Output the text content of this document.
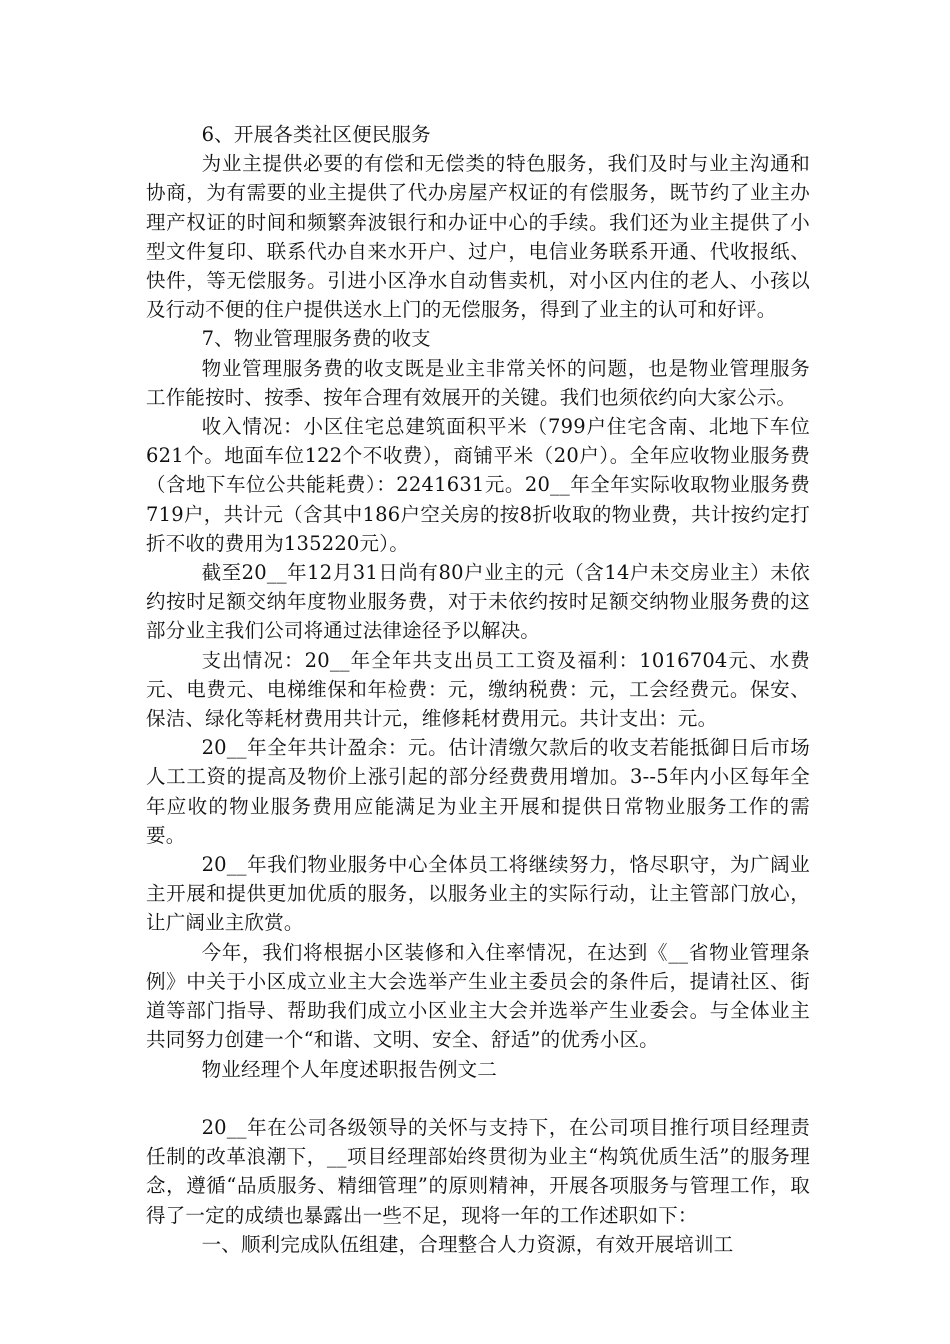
6、开展各类社区便民服务

为业主提供必要的有偿和无偿类的特色服务，我们及时与业主沟通和协商，为有需要的业主提供了代办房屋产权证的有偿服务，既节约了业主办理产权证的时间和频繁奔波银行和办证中心的手续。我们还为业主提供了小型文件复印、联系代办自来水开户、过户，电信业务联系开通、代收报纸、快件，等无偿服务。引进小区净水自动售卖机，对小区内住的老人、小孩以及行动不便的住户提供送水上门的无偿服务，得到了业主的认可和好评。

7、物业管理服务费的收支

物业管理服务费的收支既是业主非常关怀的问题，也是物业管理服务工作能按时、按季、按年合理有效展开的关键。我们也须依约向大家公示。

收入情况：小区住宅总建筑面积平米（799户住宅含南、北地下车位621个。地面车位122个不收费），商铺平米（20户）。全年应收物业服务费（含地下车位公共能耗费）：2241631元。20__年全年实际收取物业服务费719户，共计元（含其中186户空关房的按8折收取的物业费，共计按约定打折不收的费用为135220元）。

截至20__年12月31日尚有80户业主的元（含14户未交房业主）未依约按时足额交纳年度物业服务费，对于未依约按时足额交纳物业服务费的这部分业主我们公司将通过法律途径予以解决。

支出情况：20__年全年共支出员工工资及福利：1016704元、水费元、电费元、电梯维保和年检费：元，缴纳税费：元，工会经费元。保安、保洁、绿化等耗材费用共计元，维修耗材费用元。共计支出：元。

20__年全年共计盈余：元。估计清缴欠款后的收支若能抵御日后市场人工工资的提高及物价上涨引起的部分经费费用增加。3--5年内小区每年全年应收的物业服务费用应能满足为业主开展和提供日常物业服务工作的需要。

20__年我们物业服务中心全体员工将继续努力，恪尽职守，为广阔业主开展和提供更加优质的服务，以服务业主的实际行动，让主管部门放心，让广阔业主欣赏。

今年，我们将根据小区装修和入住率情况，在达到《__省物业管理条例》中关于小区成立业主大会选举产生业主委员会的条件后，提请社区、街道等部门指导、帮助我们成立小区业主大会并选举产生业委会。与全体业主共同努力创建一个“和谐、文明、安全、舒适”的优秀小区。

物业经理个人年度述职报告例文二

20__年在公司各级领导的关怀与支持下，在公司项目推行项目经理责任制的改革浪潮下，__项目经理部始终贯彻为业主“构筑优质生活”的服务理念，遵循“品质服务、精细管理”的原则精神，开展各项服务与管理工作，取得了一定的成绩也暴露出一些不足，现将一年的工作述职如下：

一、顺利完成队伍组建，合理整合人力资源，有效开展培训工
